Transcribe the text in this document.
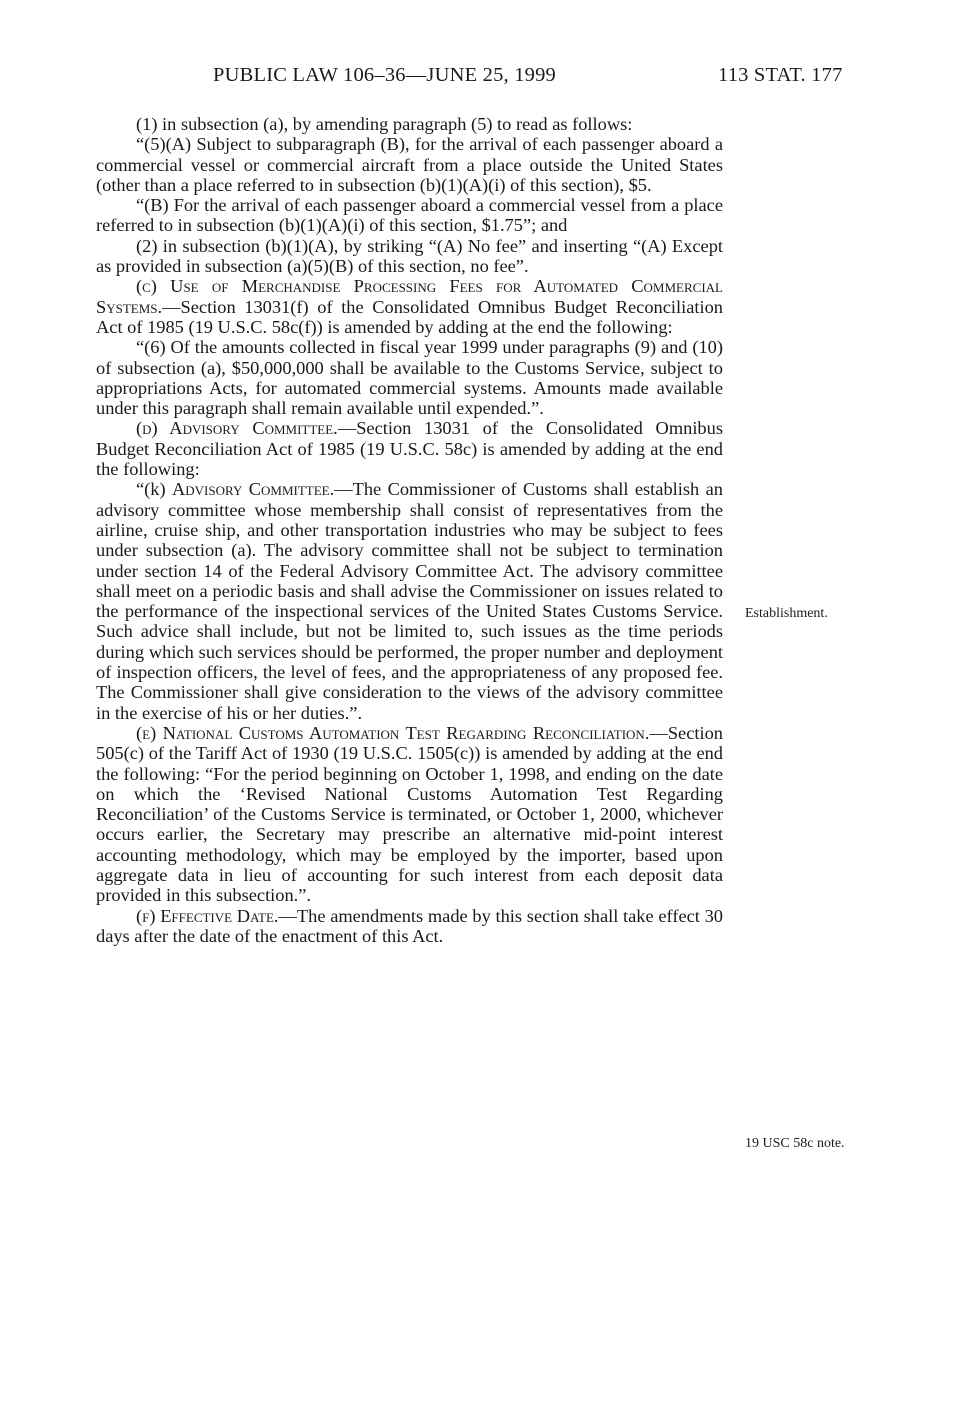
PUBLIC LAW 106–36—JUNE 25, 1999	113 STAT. 177

(1) in subsection (a), by amending paragraph (5) to read as follows:

“(5)(A) Subject to subparagraph (B), for the arrival of each passenger aboard a commercial vessel or commercial aircraft from a place outside the United States (other than a place referred to in subsection (b)(1)(A)(i) of this section), $5.

“(B) For the arrival of each passenger aboard a commercial vessel from a place referred to in subsection (b)(1)(A)(i) of this section, $1.75”; and

(2) in subsection (b)(1)(A), by striking “(A) No fee” and inserting “(A) Except as provided in subsection (a)(5)(B) of this section, no fee”.

(c) Use of Merchandise Processing Fees for Automated Commercial Systems.—Section 13031(f) of the Consolidated Omnibus Budget Reconciliation Act of 1985 (19 U.S.C. 58c(f)) is amended by adding at the end the following:

“(6) Of the amounts collected in fiscal year 1999 under paragraphs (9) and (10) of subsection (a), $50,000,000 shall be available to the Customs Service, subject to appropriations Acts, for automated commercial systems. Amounts made available under this paragraph shall remain available until expended.”.

(d) Advisory Committee.—Section 13031 of the Consolidated Omnibus Budget Reconciliation Act of 1985 (19 U.S.C. 58c) is amended by adding at the end the following:

“(k) Advisory Committee.—The Commissioner of Customs shall establish an advisory committee whose membership shall consist of representatives from the airline, cruise ship, and other transportation industries who may be subject to fees under subsection (a). The advisory committee shall not be subject to termination under section 14 of the Federal Advisory Committee Act. The advisory committee shall meet on a periodic basis and shall advise the Commissioner on issues related to the performance of the inspectional services of the United States Customs Service. Such advice shall include, but not be limited to, such issues as the time periods during which such services should be performed, the proper number and deployment of inspection officers, the level of fees, and the appropriateness of any proposed fee. The Commissioner shall give consideration to the views of the advisory committee in the exercise of his or her duties.”.

(e) National Customs Automation Test Regarding Reconciliation.—Section 505(c) of the Tariff Act of 1930 (19 U.S.C. 1505(c)) is amended by adding at the end the following: “For the period beginning on October 1, 1998, and ending on the date on which the ‘Revised National Customs Automation Test Regarding Reconciliation’ of the Customs Service is terminated, or October 1, 2000, whichever occurs earlier, the Secretary may prescribe an alternative mid-point interest accounting methodology, which may be employed by the importer, based upon aggregate data in lieu of accounting for such interest from each deposit data provided in this subsection.”.

(f) Effective Date.—The amendments made by this section shall take effect 30 days after the date of the enactment of this Act.

Establishment.
19 USC 58c note.
